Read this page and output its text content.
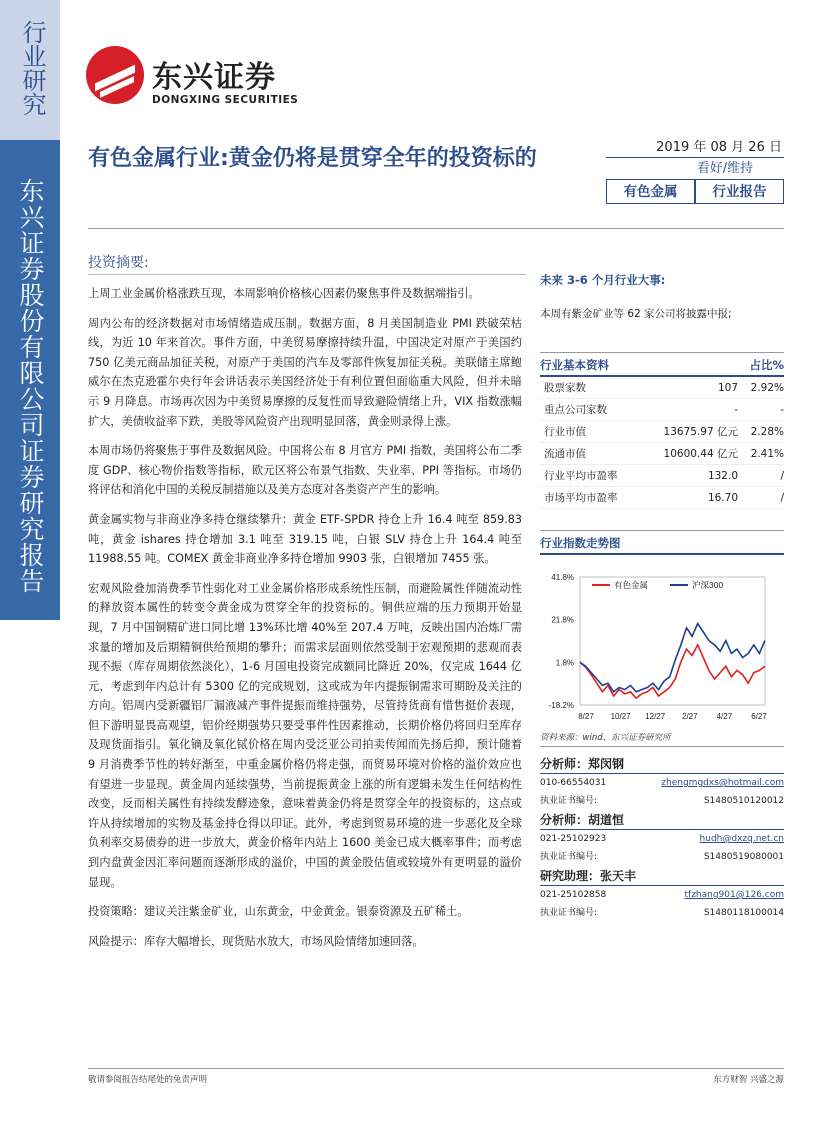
行业研究
东兴证券股份有限公司证券研究报告
东兴证券
DONGXING SECURITIES
有色金属行业:黄金仍将是贯穿全年的投资标的	2019 年 08 月 26 日
看好/维持
有色金属	行业报告
投资摘要:

上周工业金属价格涨跌互现，本周影响价格核心因素仍聚焦事件及数据端指引。

周内公布的经济数据对市场情绪造成压制。数据方面，8 月美国制造业 PMI 跌破荣枯线，为近 10 年来首次。事件方面，中美贸易摩擦持续升温，中国决定对原产于美国约 750 亿美元商品加征关税，对原产于美国的汽车及零部件恢复加征关税。美联储主席鲍威尔在杰克逊霍尔央行年会讲话表示美国经济处于有利位置但面临重大风险，但并未暗示 9 月降息。市场再次因为中美贸易摩擦的反复性而导致避险情绪上升，VIX 指数涨幅扩大，美债收益率下跌，美股等风险资产出现明显回落，黄金则录得上涨。

本周市场仍将聚焦于事件及数据风险。中国将公布 8 月官方 PMI 指数，美国将公布二季度 GDP、核心物价指数等指标，欧元区将公布景气指数、失业率、PPI 等指标。市场仍将评估和消化中国的关税反制措施以及美方态度对各类资产产生的影响。

黄金属实物与非商业净多持仓继续攀升：黄金 ETF-SPDR 持仓上升 16.4 吨至 859.83 吨，黄金 ishares 持仓增加 3.1 吨至 319.15 吨，白银 SLV 持仓上升 164.4 吨至 11988.55 吨。COMEX 黄金非商业净多持仓增加 9903 张，白银增加 7455 张。

宏观风险叠加消费季节性弱化对工业金属价格形成系统性压制，而避险属性伴随流动性的释放资本属性的转变令黄金成为贯穿全年的投资标的。铜供应端的压力预期开始显现，7 月中国铜精矿进口同比增 13%环比增 40%至 207.4 万吨，反映出国内冶炼厂需求量的增加及后期精铜供给预期的攀升；而需求层面则依然受制于宏观预期的悲观而表现不振（库存周期依然淡化），1-6 月国电投资完成额同比降近 20%，仅完成 1644 亿元，考虑到年内总计有 5300 亿的完成规划，这或成为年内提振铜需求可期盼及关注的方向。铝周内受新疆铝厂漏液减产事件提振而维持强势，尽管持货商有惜售挺价表现，但下游明显畏高观望，铝价经期强势只要受事件性因素推动，长期价格仍将回归至库存及现货面指引。氧化镝及氧化铽价格在周内受泛亚公司拍卖传闻而先扬后抑，预计随着 9 月消费季节性的转好渐至，中重金属价格仍将走强，而贸易环境对价格的溢价效应也有望进一步显现。黄金周内延续强势，当前提振黄金上涨的所有逻辑未发生任何结构性改变，反而相关属性有持续发酵迹象，意味着黄金仍将是贯穿全年的投资标的，这点或许从持续增加的实物及基金持仓得以印证。此外，考虑到贸易环境的进一步恶化及全球负利率交易债券的进一步放大，黄金价格年内站上 1600 美金已成大概率事件；而考虑到内盘黄金因汇率问题而逐渐形成的溢价，中国的黄金股估值或较境外有更明显的溢价显现。

投资策略：建议关注紫金矿业，山东黄金，中金黄金。银泰资源及五矿稀土。

风险提示：库存大幅增长，现货贴水放大，市场风险情绪加速回落。

未来 3-6 个月行业大事:
本周有紫金矿业等 62 家公司将披露中报;
行业基本资料	占比%
股票家数	107	2.92%
重点公司家数	-	-
行业市值	13675.97 亿元	2.28%
流通市值	10600.44 亿元	2.41%
行业平均市盈率	132.0	/
市场平均市盈率	16.70	/
行业指数走势图
41.8%
21.8%
1.8%
-18.2%
8/27 10/27 12/27 2/27 4/27 6/27
有色金属	沪深300
资料来源：wind、东兴证券研究所
分析师：郑闵钢
010-66554031	zhengmgdxs@hotmail.com
执业证书编号:	S1480510120012
分析师：胡道恒
021-25102923	hudh@dxzq.net.cn
执业证书编号:	S1480519080001
研究助理：张天丰
021-25102858	tfzhang901@126.com
执业证书编号:	S1480118100014
敬请参阅报告结尾处的免责声明	东方财智 兴盛之源
